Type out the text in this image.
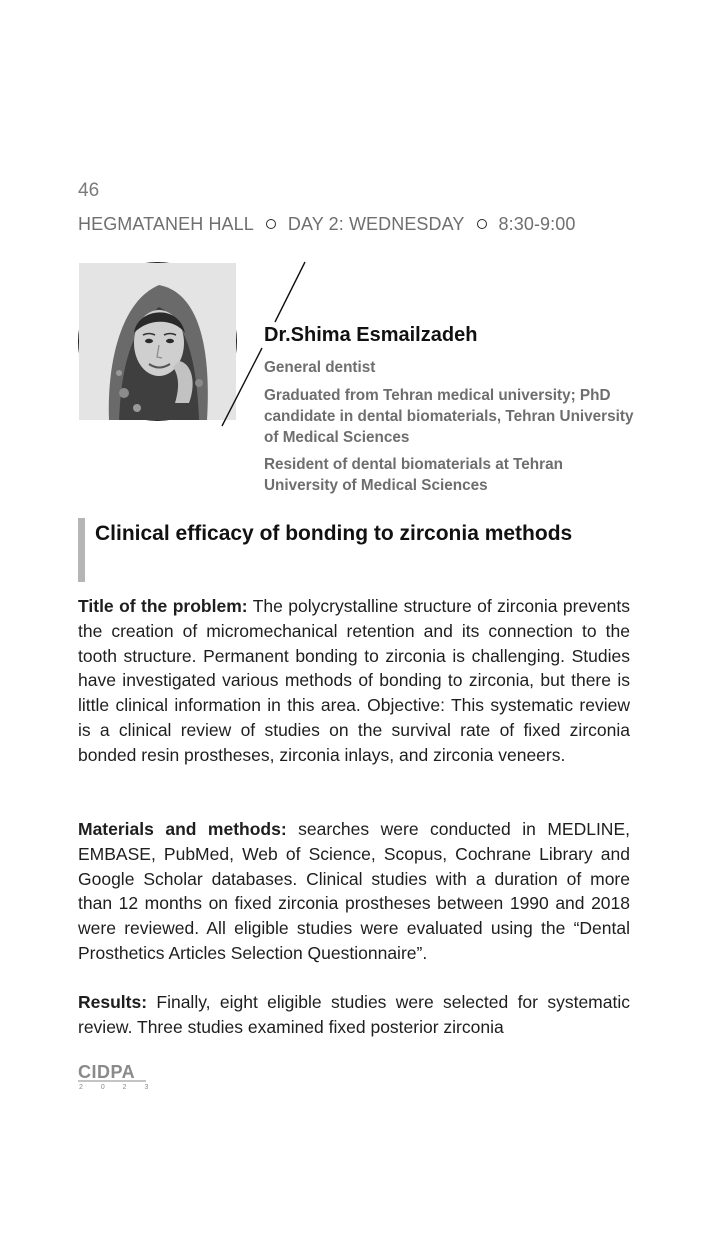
46
HEGMATANEH HALL DAY 2: WEDNESDAY 8:30-9:00
Dr.Shima Esmailzadeh
General dentist
Graduated from Tehran medical university; PhD candidate in dental biomaterials, Tehran University of Medical Sciences
Resident of dental biomaterials at Tehran University of Medical Sciences
Clinical efficacy of bonding to zirconia methods
Title of the problem: The polycrystalline structure of zirconia prevents the creation of micromechanical retention and its connection to the tooth structure. Permanent bonding to zirconia is challenging. Studies have investigated various methods of bonding to zirconia, but there is little clinical information in this area. Objective: This systematic review is a clinical review of studies on the survival rate of fixed zirconia bonded resin prostheses, zirconia inlays, and zirconia veneers.
Materials and methods: searches were conducted in MEDLINE, EMBASE, PubMed, Web of Science, Scopus, Cochrane Library and Google Scholar databases. Clinical studies with a duration of more than 12 months on fixed zirconia prostheses between 1990 and 2018 were reviewed. All eligible studies were evaluated using the “Dental Prosthetics Articles Selection Questionnaire”.
Results: Finally, eight eligible studies were selected for systematic review. Three studies examined fixed posterior zirconia
CIDPA
2 0 2 3
